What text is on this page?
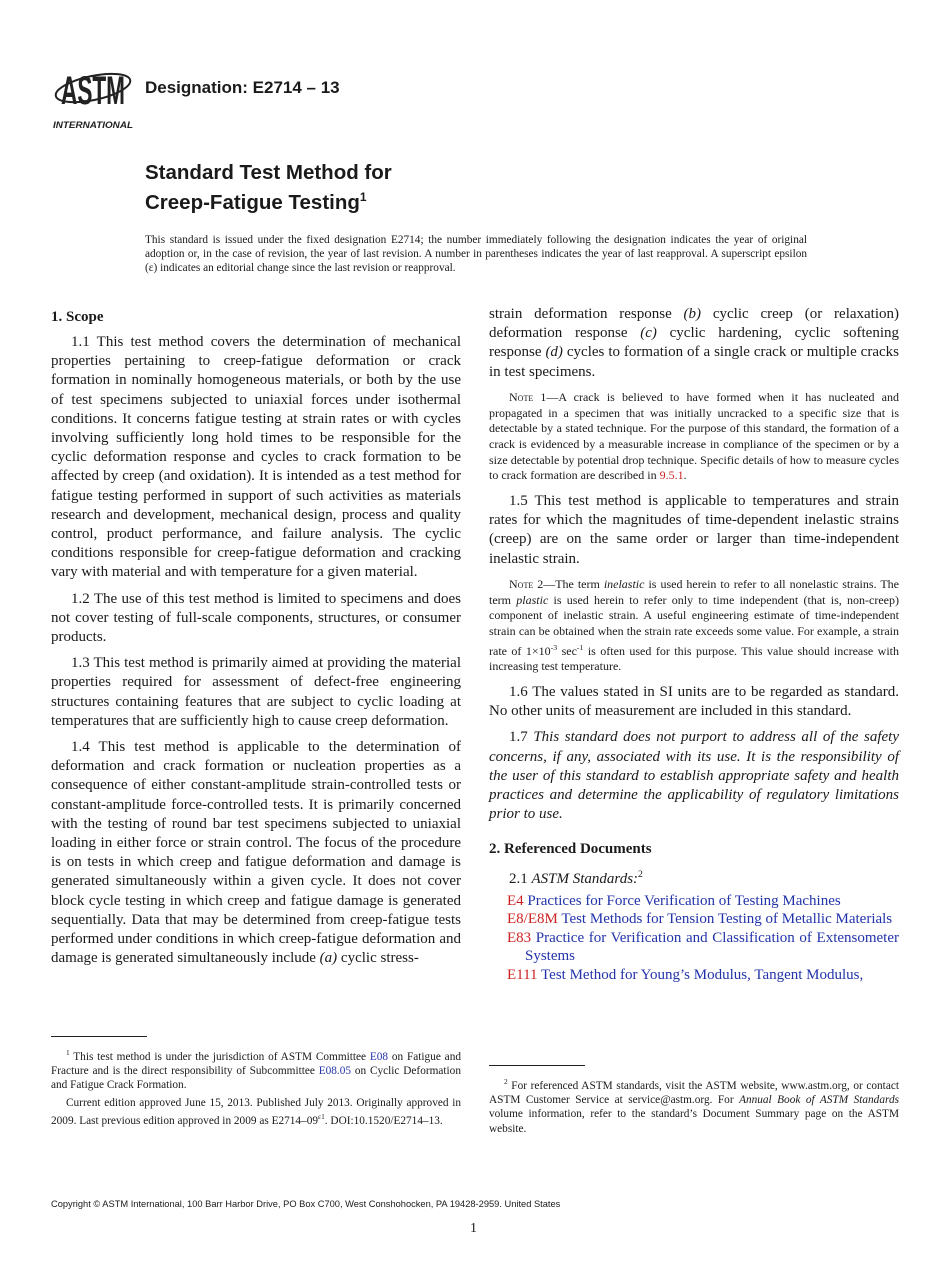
ASTM
INTERNATIONAL
Designation: E2714 – 13
Standard Test Method for
Creep-Fatigue Testing$^1$
This standard is issued under the fixed designation E2714; the number immediately following the designation indicates the year of original adoption or, in the case of revision, the year of last revision. A number in parentheses indicates the year of last reapproval. A superscript epsilon (ε) indicates an editorial change since the last revision or reapproval.
1. Scope

1.1 This test method covers the determination of mechanical properties pertaining to creep-fatigue deformation or crack formation in nominally homogeneous materials, or both by the use of test specimens subjected to uniaxial forces under isothermal conditions. It concerns fatigue testing at strain rates or with cycles involving sufficiently long hold times to be responsible for the cyclic deformation response and cycles to crack formation to be affected by creep (and oxidation). It is intended as a test method for fatigue testing performed in support of such activities as materials research and development, mechanical design, process and quality control, product performance, and failure analysis. The cyclic conditions responsible for creep-fatigue deformation and cracking vary with material and with temperature for a given material.

1.2 The use of this test method is limited to specimens and does not cover testing of full-scale components, structures, or consumer products.

1.3 This test method is primarily aimed at providing the material properties required for assessment of defect-free engineering structures containing features that are subject to cyclic loading at temperatures that are sufficiently high to cause creep deformation.

1.4 This test method is applicable to the determination of deformation and crack formation or nucleation properties as a consequence of either constant-amplitude strain-controlled tests or constant-amplitude force-controlled tests. It is primarily concerned with the testing of round bar test specimens subjected to uniaxial loading in either force or strain control. The focus of the procedure is on tests in which creep and fatigue deformation and damage is generated simultaneously within a given cycle. It does not cover block cycle testing in which creep and fatigue damage is generated sequentially. Data that may be determined from creep-fatigue tests performed under conditions in which creep-fatigue deformation and damage is generated simultaneously include (a) cyclic stress-

$^1$ This test method is under the jurisdiction of ASTM Committee E08 on Fatigue and Fracture and is the direct responsibility of Subcommittee E08.05 on Cyclic Deformation and Fatigue Crack Formation.

Current edition approved June 15, 2013. Published July 2013. Originally approved in 2009. Last previous edition approved in 2009 as $E2714-09^{\varepsilon 1}$. DOI:10.1520/E2714–13.

strain deformation response (b) cyclic creep (or relaxation) deformation response (c) cyclic hardening, cyclic softening response (d) cycles to formation of a single crack or multiple cracks in test specimens.

Note 1—A crack is believed to have formed when it has nucleated and propagated in a specimen that was initially uncracked to a specific size that is detectable by a stated technique. For the purpose of this standard, the formation of a crack is evidenced by a measurable increase in compliance of the specimen or by a size detectable by potential drop technique. Specific details of how to measure cycles to crack formation are described in 9.5.1.

1.5 This test method is applicable to temperatures and strain rates for which the magnitudes of time-dependent inelastic strains (creep) are on the same order or larger than time-independent inelastic strain.

Note 2—The term inelastic is used herein to refer to all nonelastic strains. The term plastic is used herein to refer only to time independent (that is, non-creep) component of inelastic strain. A useful engineering estimate of time-independent strain can be obtained when the strain rate exceeds some value. For example, a strain rate of $1\times 10^{-3}$ $\sec^{-1}$ is often used for this purpose. This value should increase with increasing test temperature.

1.6 The values stated in SI units are to be regarded as standard. No other units of measurement are included in this standard.

1.7 This standard does not purport to address all of the safety concerns, if any, associated with its use. It is the responsibility of the user of this standard to establish appropriate safety and health practices and determine the applicability of regulatory limitations prior to use.

2. Referenced Documents

2.1 ASTM Standards:$^2$

E4 Practices for Force Verification of Testing Machines
E8/E8M Test Methods for Tension Testing of Metallic Materials
E83 Practice for Verification and Classification of Extensometer Systems
E111 Test Method for Young’s Modulus, Tangent Modulus,

$^2$ For referenced ASTM standards, visit the ASTM website, www.astm.org, or contact ASTM Customer Service at service@astm.org. For Annual Book of ASTM Standards volume information, refer to the standard’s Document Summary page on the ASTM website.

Copyright © ASTM International, 100 Barr Harbor Drive, PO Box C700, West Conshohocken, PA 19428-2959. United States
1
